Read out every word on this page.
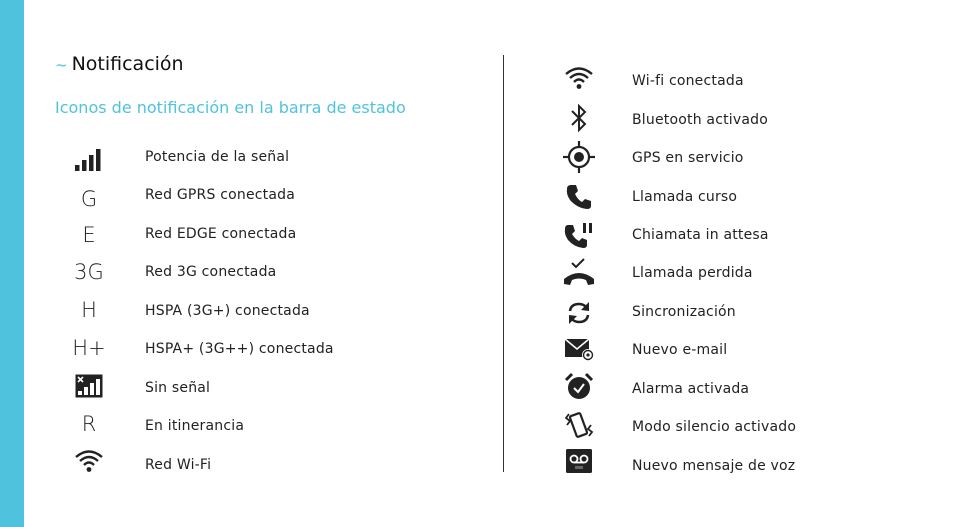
~ Notificación
Iconos de notificación en la barra de estado
Potencia de la señal
G	Red GPRS conectada
E	Red EDGE conectada
3G	Red 3G conectada
H	HSPA (3G+) conectada
H+	HSPA+ (3G++) conectada
Sin señal
R	En itinerancia
Red Wi-Fi
Wi-fi conectada
Bluetooth activado
GPS en servicio
Llamada curso
Chiamata in attesa
Llamada perdida
Sincronización
Nuevo e-mail
Alarma activada
Modo silencio activado
Nuevo mensaje de voz
